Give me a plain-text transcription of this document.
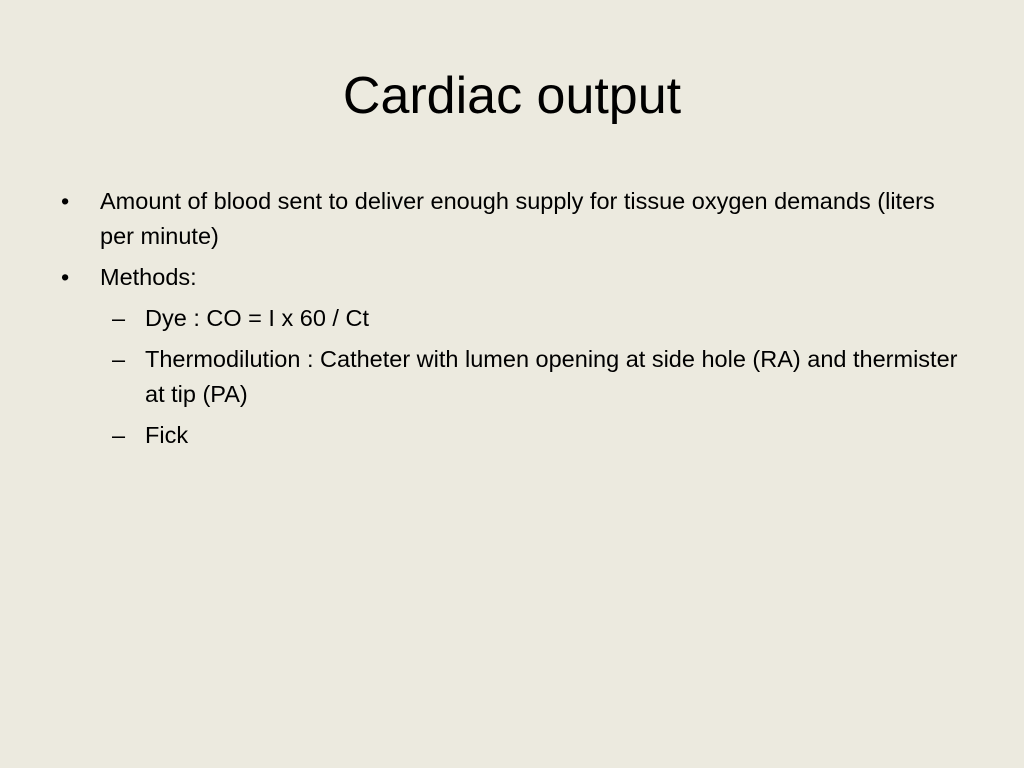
Cardiac output
• Amount of blood sent to deliver enough supply for tissue oxygen demands (liters per minute)
• Methods:
– Dye : CO = I x 60 / Ct
– Thermodilution : Catheter with lumen opening at side hole (RA) and thermister at tip (PA)
– Fick
